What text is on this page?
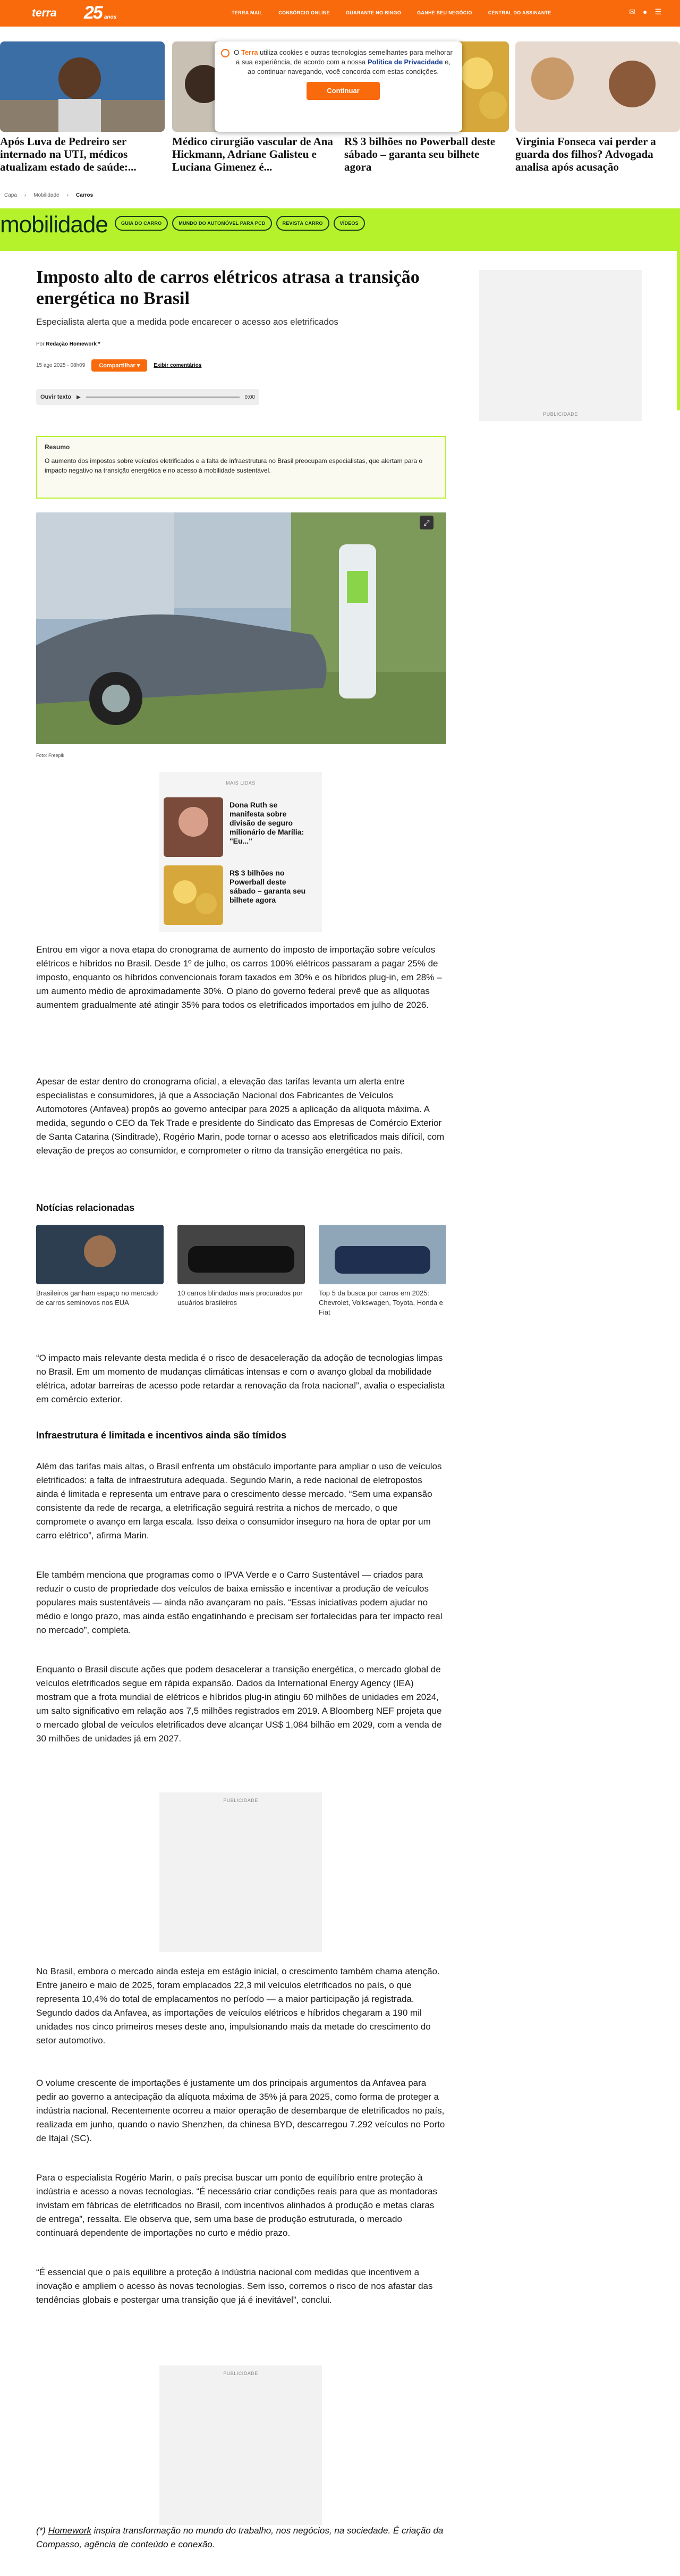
terra 25 anos
TERRA MAIL	CONSÓRCIO ONLINE	GUARANTE NO BINGO	GANHE SEU NEGÓCIO	CENTRAL DO ASSINANTE	✉ ● ☰
Após Luva de Pedreiro ser internado na UTI, médicos atualizam estado de saúde:...
Médico cirurgião vascular de Ana Hickmann, Adriane Galisteu e Luciana Gimenez é...
R$ 3 bilhões no Powerball deste sábado – garanta seu bilhete agora
Virginia Fonseca vai perder a guarda dos filhos? Advogada analisa após acusação
O Terra utiliza cookies e outras tecnologias semelhantes para melhorar a sua experiência, de acordo com a nossa Política de Privacidade e, ao continuar navegando, você concorda com estas condições.
Continuar
Capa › Mobilidade › Carros
mobilidade	GUIA DO CARRO	MUNDO DO AUTOMÓVEL PARA PCD	REVISTA CARRO	VÍDEOS
Imposto alto de carros elétricos atrasa a transição energética no Brasil
Especialista alerta que a medida pode encarecer o acesso aos eletrificados
Por Redação Homework *
15 ago 2025 - 08h09	Compartilhar ▾	Exibir comentários
Ouvir texto ▶	0:00
PUBLICIDADE
Resumo
O aumento dos impostos sobre veículos eletrificados e a falta de infraestrutura no Brasil preocupam especialistas, que alertam para o impacto negativo na transição energética e no acesso à mobilidade sustentável.
⤢
Foto: Freepik
MAIS LIDAS
Dona Ruth se manifesta sobre divisão de seguro milionário de Marília: "Eu..."
R$ 3 bilhões no Powerball deste sábado – garanta seu bilhete agora

Entrou em vigor a nova etapa do cronograma de aumento do imposto de importação sobre veículos elétricos e híbridos no Brasil. Desde 1º de julho, os carros 100% elétricos passaram a pagar 25% de imposto, enquanto os híbridos convencionais foram taxados em 30% e os híbridos plug-in, em 28% – um aumento médio de aproximadamente 30%. O plano do governo federal prevê que as alíquotas aumentem gradualmente até atingir 35% para todos os eletrificados importados em julho de 2026.

Apesar de estar dentro do cronograma oficial, a elevação das tarifas levanta um alerta entre especialistas e consumidores, já que a Associação Nacional dos Fabricantes de Veículos Automotores (Anfavea) propôs ao governo antecipar para 2025 a aplicação da alíquota máxima. A medida, segundo o CEO da Tek Trade e presidente do Sindicato das Empresas de Comércio Exterior de Santa Catarina (Sinditrade), Rogério Marin, pode tornar o acesso aos eletrificados mais difícil, com elevação de preços ao consumidor, e comprometer o ritmo da transição energética no país.

Notícias relacionadas
Brasileiros ganham espaço no mercado de carros seminovos nos EUA
10 carros blindados mais procurados por usuários brasileiros
Top 5 da busca por carros em 2025: Chevrolet, Volkswagen, Toyota, Honda e Fiat

“O impacto mais relevante desta medida é o risco de desaceleração da adoção de tecnologias limpas no Brasil. Em um momento de mudanças climáticas intensas e com o avanço global da mobilidade elétrica, adotar barreiras de acesso pode retardar a renovação da frota nacional”, avalia o especialista em comércio exterior.

Infraestrutura é limitada e incentivos ainda são tímidos

Além das tarifas mais altas, o Brasil enfrenta um obstáculo importante para ampliar o uso de veículos eletrificados: a falta de infraestrutura adequada. Segundo Marin, a rede nacional de eletropostos ainda é limitada e representa um entrave para o crescimento desse mercado. “Sem uma expansão consistente da rede de recarga, a eletrificação seguirá restrita a nichos de mercado, o que compromete o avanço em larga escala. Isso deixa o consumidor inseguro na hora de optar por um carro elétrico”, afirma Marin.

Ele também menciona que programas como o IPVA Verde e o Carro Sustentável — criados para reduzir o custo de propriedade dos veículos de baixa emissão e incentivar a produção de veículos populares mais sustentáveis — ainda não avançaram no país. “Essas iniciativas podem ajudar no médio e longo prazo, mas ainda estão engatinhando e precisam ser fortalecidas para ter impacto real no mercado”, completa.

Enquanto o Brasil discute ações que podem desacelerar a transição energética, o mercado global de veículos eletrificados segue em rápida expansão. Dados da International Energy Agency (IEA) mostram que a frota mundial de elétricos e híbridos plug-in atingiu 60 milhões de unidades em 2024, um salto significativo em relação aos 7,5 milhões registrados em 2019. A Bloomberg NEF projeta que o mercado global de veículos eletrificados deve alcançar US$ 1,084 bilhão em 2029, com a venda de 30 milhões de unidades já em 2027.

PUBLICIDADE

No Brasil, embora o mercado ainda esteja em estágio inicial, o crescimento também chama atenção. Entre janeiro e maio de 2025, foram emplacados 22,3 mil veículos eletrificados no país, o que representa 10,4% do total de emplacamentos no período — a maior participação já registrada. Segundo dados da Anfavea, as importações de veículos elétricos e híbridos chegaram a 190 mil unidades nos cinco primeiros meses deste ano, impulsionando mais da metade do crescimento do setor automotivo.

O volume crescente de importações é justamente um dos principais argumentos da Anfavea para pedir ao governo a antecipação da alíquota máxima de 35% já para 2025, como forma de proteger a indústria nacional. Recentemente ocorreu a maior operação de desembarque de eletrificados no país, realizada em junho, quando o navio Shenzhen, da chinesa BYD, descarregou 7.292 veículos no Porto de Itajaí (SC).

Para o especialista Rogério Marin, o país precisa buscar um ponto de equilíbrio entre proteção à indústria e acesso a novas tecnologias. “É necessário criar condições reais para que as montadoras invistam em fábricas de eletrificados no Brasil, com incentivos alinhados à produção e metas claras de entrega”, ressalta. Ele observa que, sem uma base de produção estruturada, o mercado continuará dependente de importações no curto e médio prazo.

“É essencial que o país equilibre a proteção à indústria nacional com medidas que incentivem a inovação e ampliem o acesso às novas tecnologias. Sem isso, corremos o risco de nos afastar das tendências globais e postergar uma transição que já é inevitável”, conclui.

PUBLICIDADE
(*) Homework inspira transformação no mundo do trabalho, nos negócios, na sociedade. É criação da Compasso, agência de conteúdo e conexão.
